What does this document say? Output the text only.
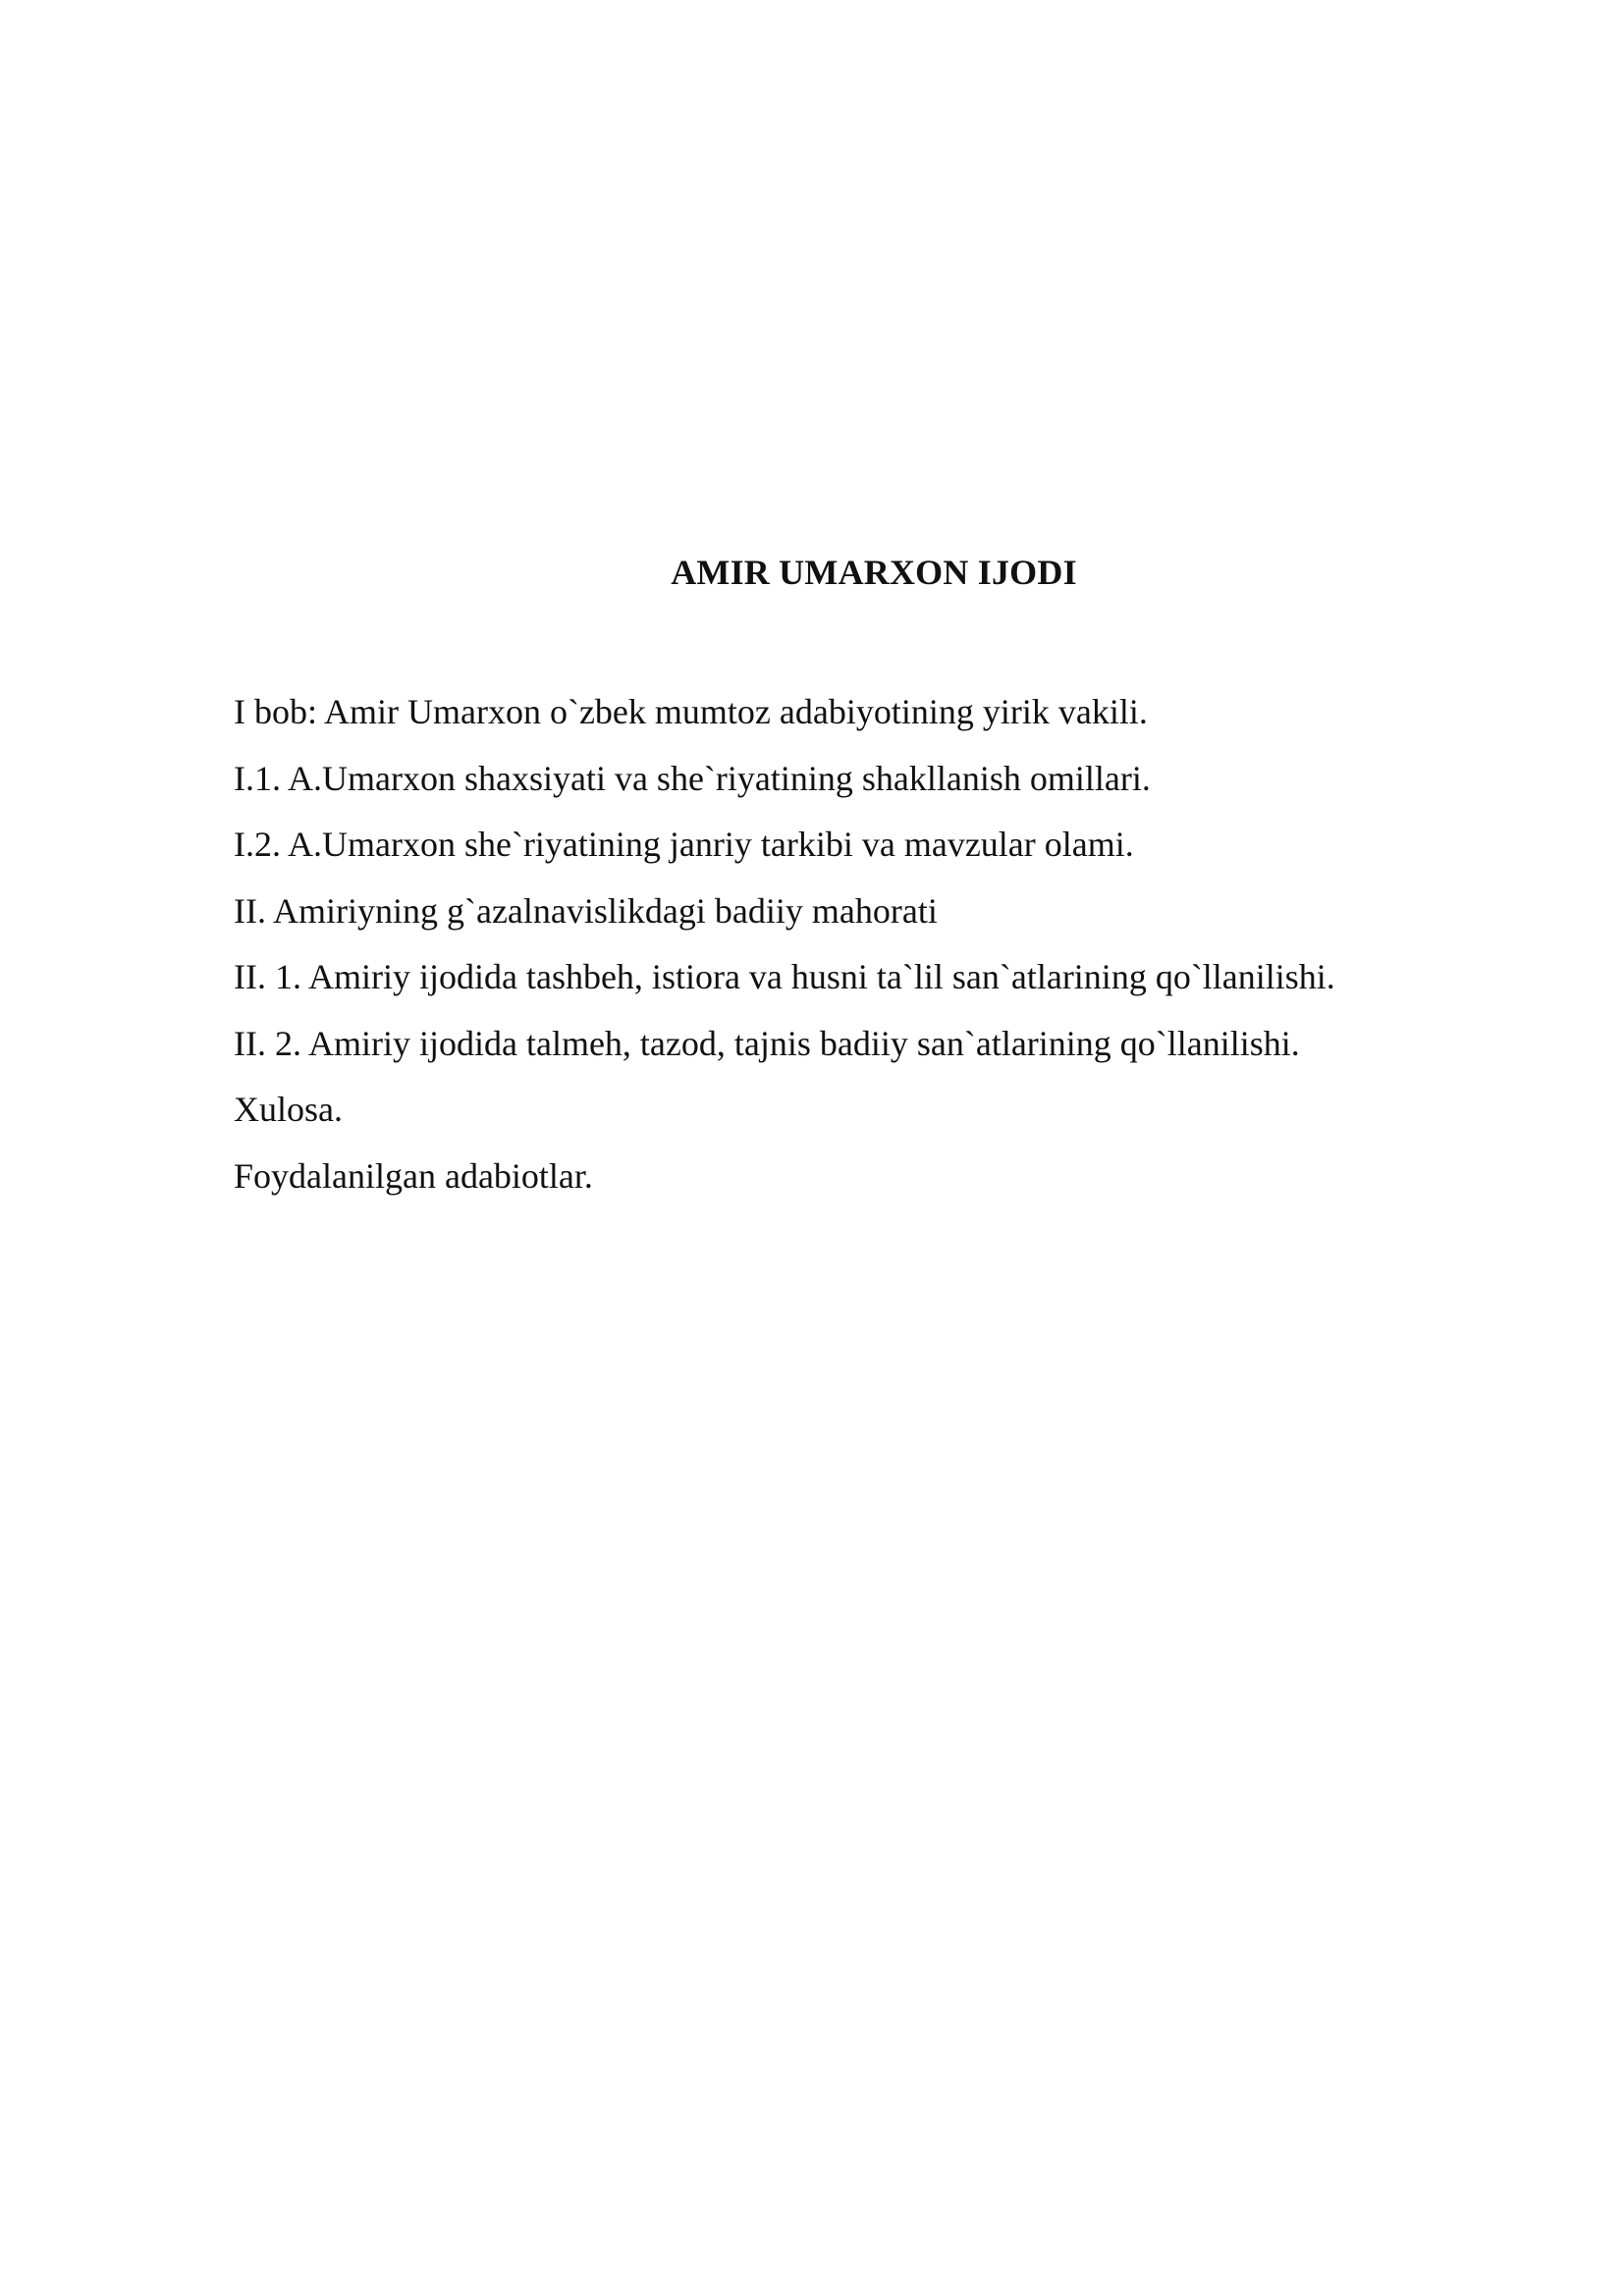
AMIR UMARXON IJODI
I bob: Amir Umarxon o`zbek mumtoz adabiyotining yirik vakili.
I.1. A.Umarxon shaxsiyati va she`riyatining shakllanish omillari.
I.2. A.Umarxon she`riyatining janriy tarkibi va mavzular olami.
II. Amiriyning g`azalnavislikdagi badiiy mahorati
II. 1. Amiriy ijodida tashbeh, istiora va husni ta`lil san`atlarining qo`llanilishi.
II. 2. Amiriy ijodida talmeh, tazod, tajnis badiiy san`atlarining qo`llanilishi.
Xulosa.
Foydalanilgan adabiotlar.
